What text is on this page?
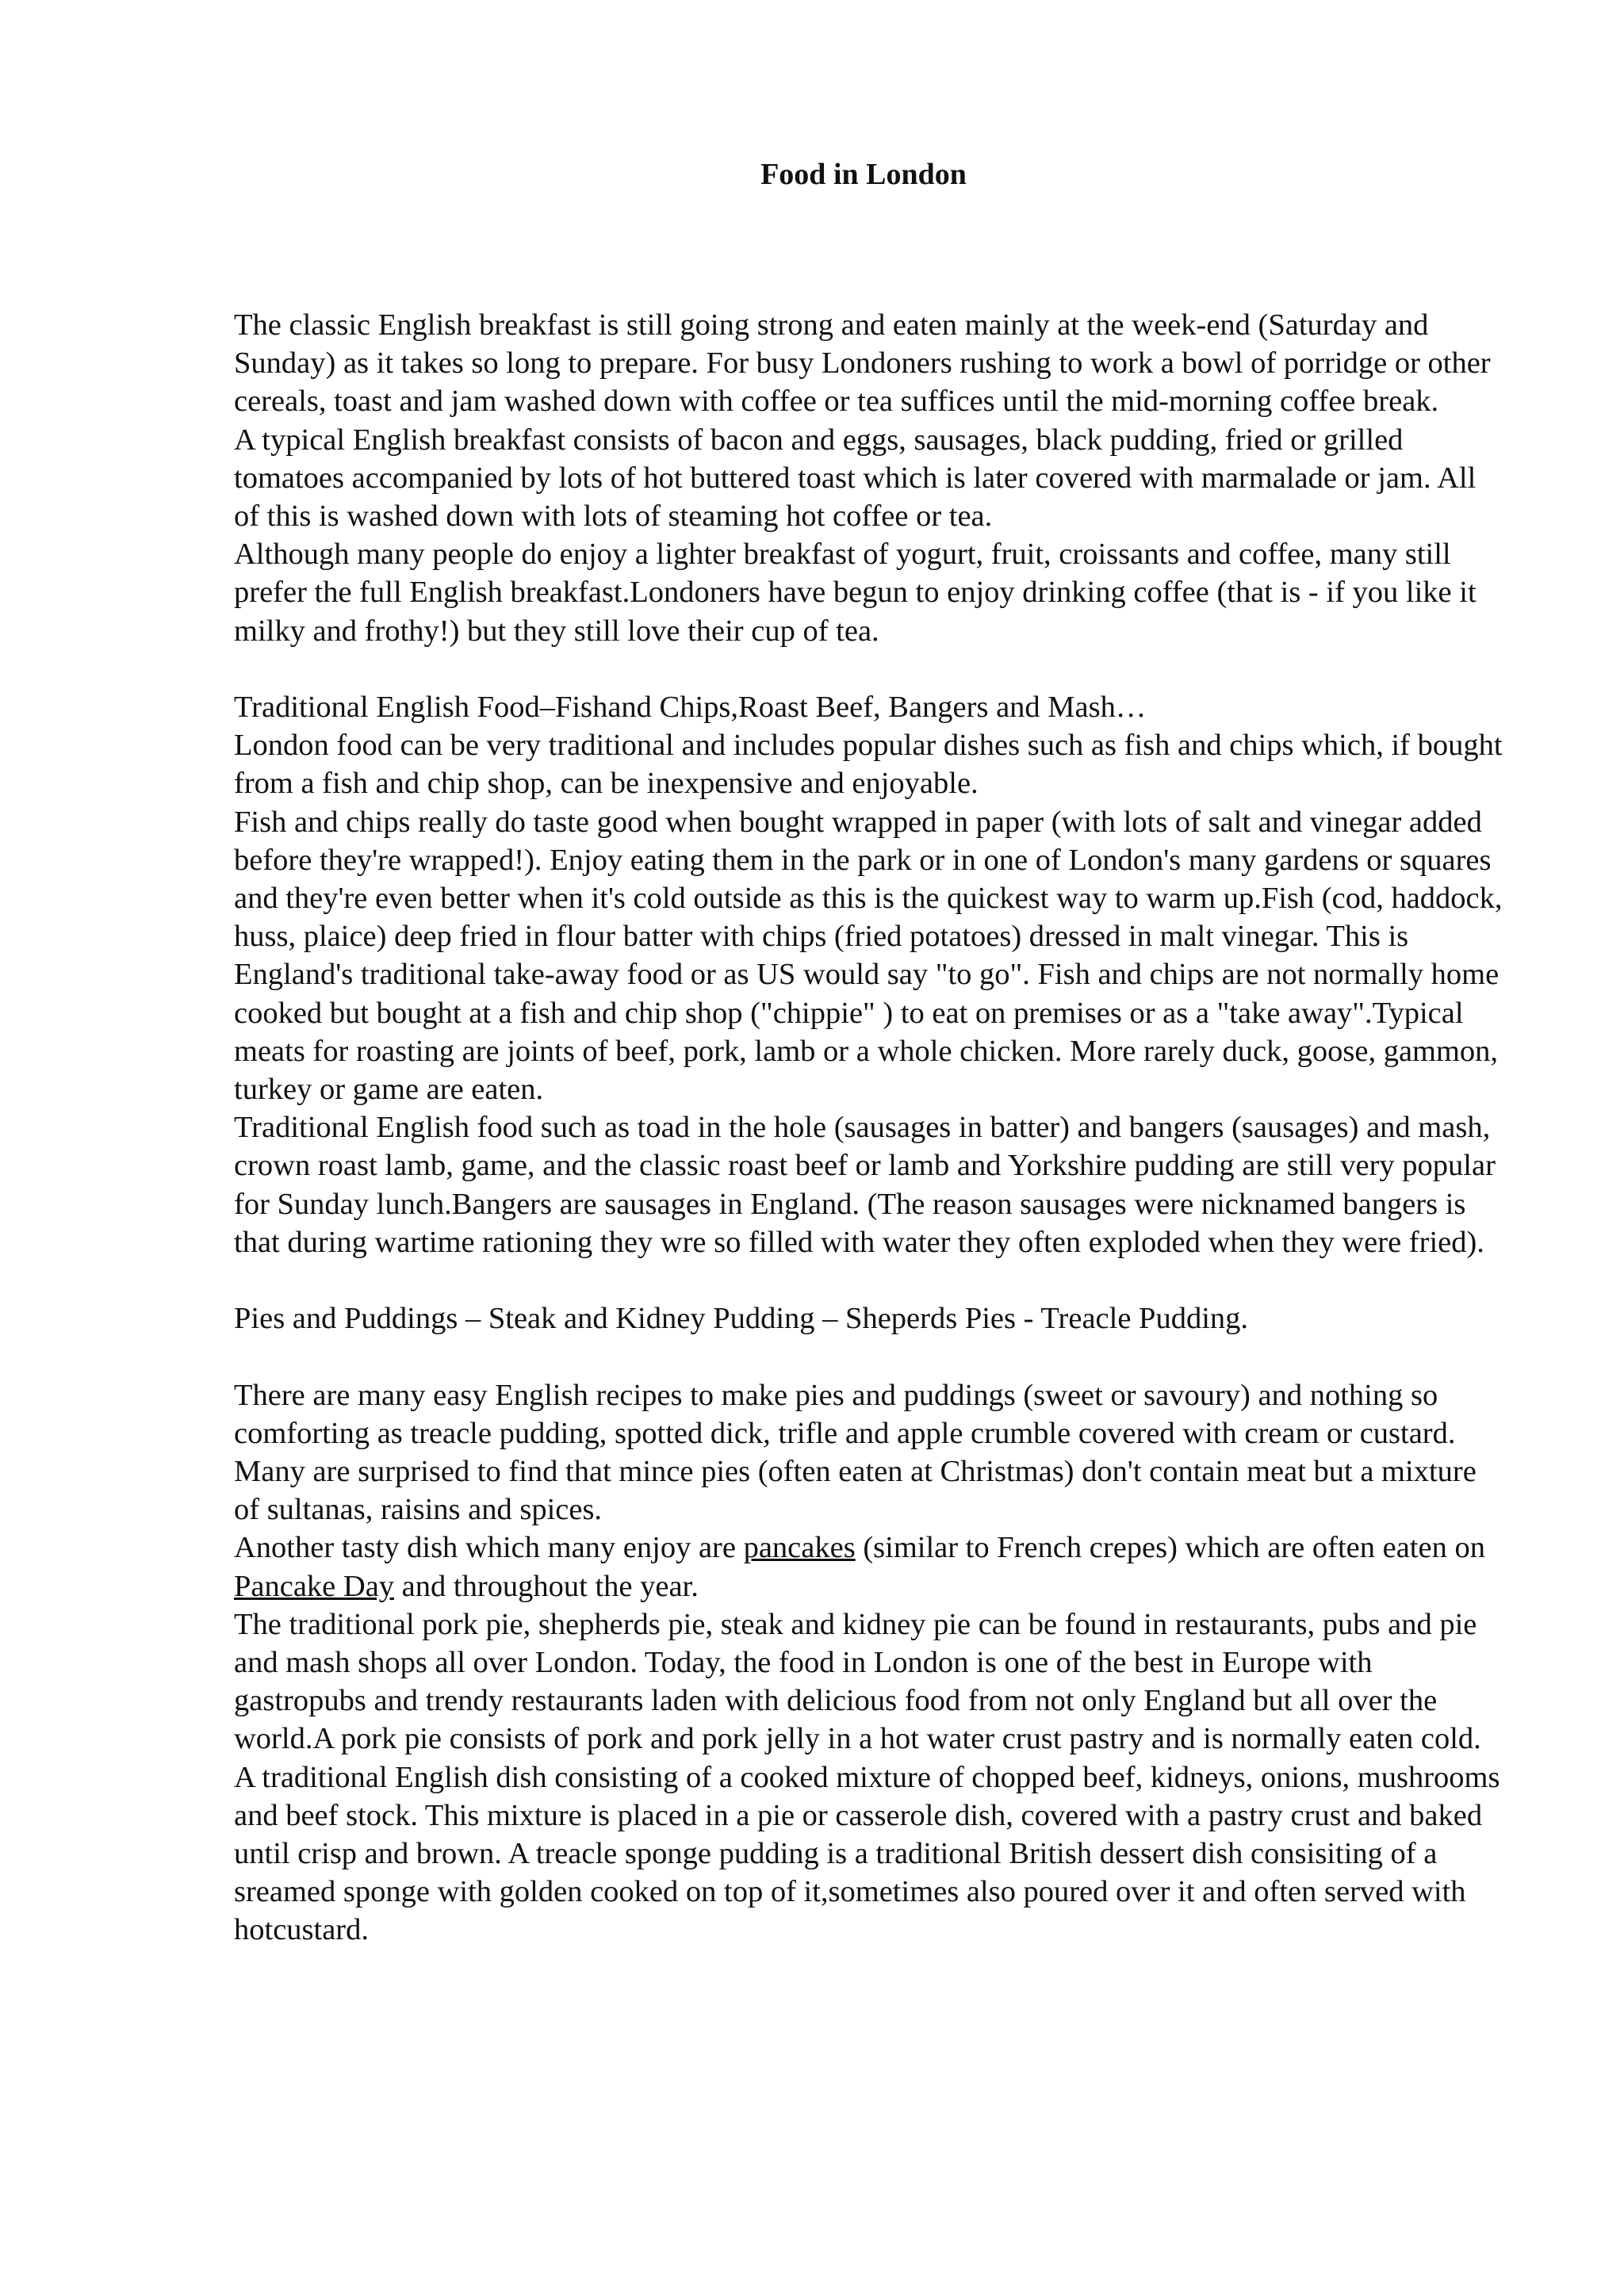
Food in London

The classic English breakfast is still going strong and eaten mainly at the week-end (Saturday and Sunday) as it takes so long to prepare. For busy Londoners rushing to work a bowl of porridge or other cereals, toast and jam washed down with coffee or tea suffices until the mid-morning coffee break.

A typical English breakfast consists of bacon and eggs, sausages, black pudding, fried or grilled tomatoes accompanied by lots of hot buttered toast which is later covered with marmalade or jam. All of this is washed down with lots of steaming hot coffee or tea.

Although many people do enjoy a lighter breakfast of yogurt, fruit, croissants and coffee, many still prefer the full English breakfast.Londoners have begun to enjoy drinking coffee (that is - if you like it milky and frothy!) but they still love their cup of tea.

Traditional English Food–Fishand Chips,Roast Beef, Bangers and Mash…

London food can be very traditional and includes popular dishes such as fish and chips which, if bought from a fish and chip shop, can be inexpensive and enjoyable.

Fish and chips really do taste good when bought wrapped in paper (with lots of salt and vinegar added before they're wrapped!). Enjoy eating them in the park or in one of London's many gardens or squares and they're even better when it's cold outside as this is the quickest way to warm up.Fish (cod, haddock, huss, plaice) deep fried in flour batter with chips (fried potatoes) dressed in malt vinegar. This is England's traditional take-away food or as US would say "to go". Fish and chips are not normally home cooked but bought at a fish and chip shop ("chippie" ) to eat on premises or as a "take away".Typical meats for roasting are joints of beef, pork, lamb or a whole chicken. More rarely duck, goose, gammon, turkey or game are eaten.

Traditional English food such as toad in the hole (sausages in batter) and bangers (sausages) and mash, crown roast lamb, game, and the classic roast beef or lamb and Yorkshire pudding are still very popular for Sunday lunch.Bangers are sausages in England. (The reason sausages were nicknamed bangers is that during wartime rationing they wre so filled with water they often exploded when they were fried).

Pies and Puddings – Steak and Kidney Pudding – Sheperds Pies - Treacle Pudding.

There are many easy English recipes to make pies and puddings (sweet or savoury) and nothing so comforting as treacle pudding, spotted dick, trifle and apple crumble covered with cream or custard. Many are surprised to find that mince pies (often eaten at Christmas) don't contain meat but a mixture of sultanas, raisins and spices.

Another tasty dish which many enjoy are pancakes (similar to French crepes) which are often eaten on Pancake Day and throughout the year.

The traditional pork pie, shepherds pie, steak and kidney pie can be found in restaurants, pubs and pie and mash shops all over London. Today, the food in London is one of the best in Europe with gastropubs and trendy restaurants laden with delicious food from not only England but all over the world.A pork pie consists of pork and pork jelly in a hot water crust pastry and is normally eaten cold. A traditional English dish consisting of a cooked mixture of chopped beef, kidneys, onions, mushrooms and beef stock. This mixture is placed in a pie or casserole dish, covered with a pastry crust and baked until crisp and brown. A treacle sponge pudding is a traditional British dessert dish consisiting of a sreamed sponge with golden cooked on top of it,sometimes also poured over it and often served with hotcustard.
